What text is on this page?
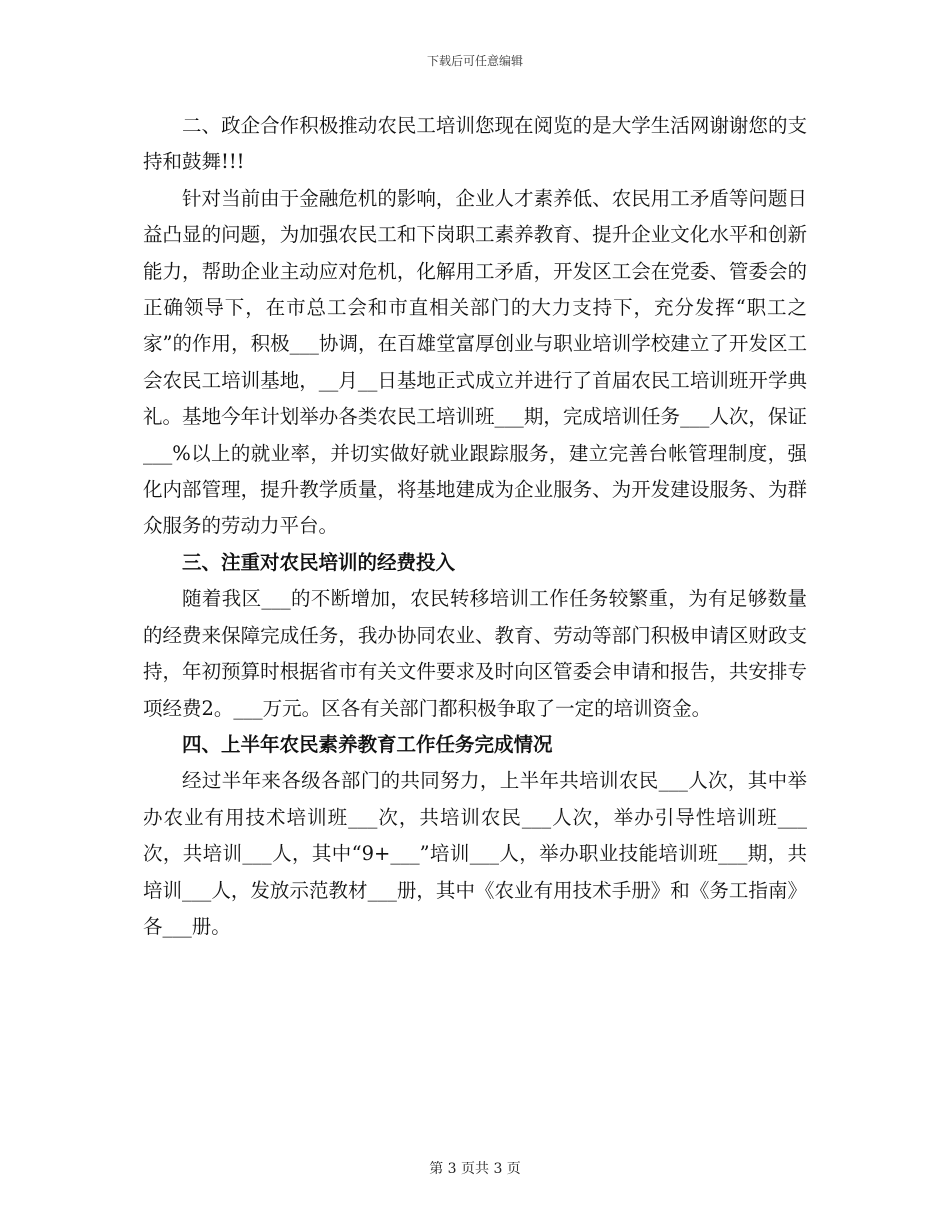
下载后可任意编辑

二、政企合作积极推动农民工培训您现在阅览的是大学生活网谢谢您的支持和鼓舞!!!

针对当前由于金融危机的影响，企业人才素养低、农民用工矛盾等问题日益凸显的问题，为加强农民工和下岗职工素养教育、提升企业文化水平和创新能力，帮助企业主动应对危机，化解用工矛盾，开发区工会在党委、管委会的正确领导下，在市总工会和市直相关部门的大力支持下，充分发挥“职工之家”的作用，积极___协调，在百雄堂富厚创业与职业培训学校建立了开发区工会农民工培训基地，__月__日基地正式成立并进行了首届农民工培训班开学典礼。基地今年计划举办各类农民工培训班___期，完成培训任务___人次，保证___%以上的就业率，并切实做好就业跟踪服务，建立完善台帐管理制度，强化内部管理，提升教学质量，将基地建成为企业服务、为开发建设服务、为群众服务的劳动力平台。

三、注重对农民培训的经费投入

随着我区___的不断增加，农民转移培训工作任务较繁重，为有足够数量的经费来保障完成任务，我办协同农业、教育、劳动等部门积极申请区财政支持，年初预算时根据省市有关文件要求及时向区管委会申请和报告，共安排专项经费2。___万元。区各有关部门都积极争取了一定的培训资金。

四、上半年农民素养教育工作任务完成情况

经过半年来各级各部门的共同努力，上半年共培训农民___人次，其中举办农业有用技术培训班___次，共培训农民___人次，举办引导性培训班___次，共培训___人，其中“9+___”培训___人，举办职业技能培训班___期，共培训___人，发放示范教材___册，其中《农业有用技术手册》和《务工指南》各___册。

第 3 页共 3 页
